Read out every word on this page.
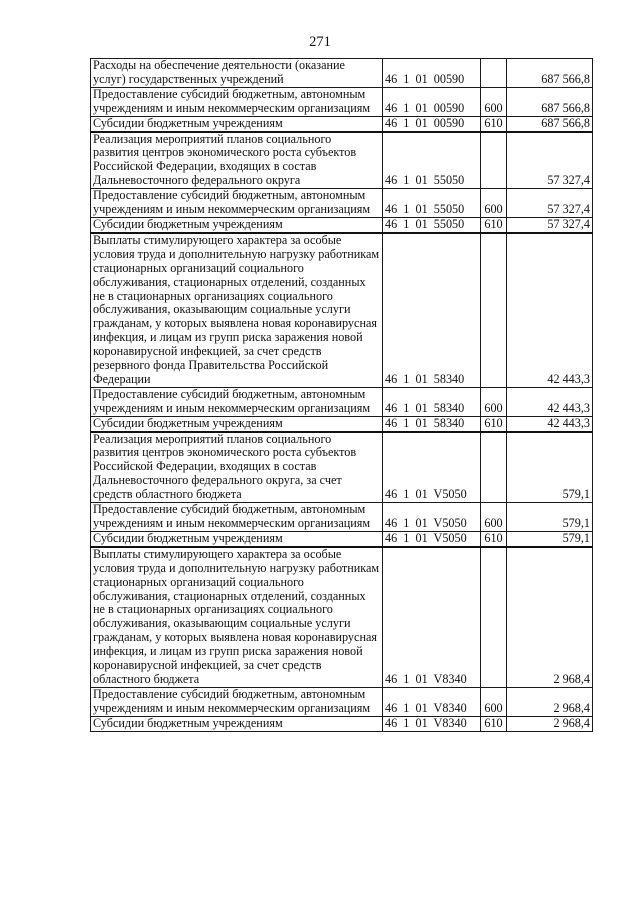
271
Расходы на обеспечение деятельности (оказание услуг) государственных учреждений	46  1  01  00590		687 566,8
Предоставление субсидий бюджетным, автономным учреждениям и иным некоммерческим организациям	46  1  01  00590	600	687 566,8
Субсидии бюджетным учреждениям	46  1  01  00590	610	687 566,8
Реализация мероприятий планов социального развития центров экономического роста субъектов Российской Федерации, входящих в состав Дальневосточного федерального округа	46  1  01  55050		57 327,4
Предоставление субсидий бюджетным, автономным учреждениям и иным некоммерческим организациям	46  1  01  55050	600	57 327,4
Субсидии бюджетным учреждениям	46  1  01  55050	610	57 327,4
Выплаты стимулирующего характера за особые условия труда и дополнительную нагрузку работникам стационарных организаций социального обслуживания, стационарных отделений, созданных не в стационарных организациях социального обслуживания, оказывающим социальные услуги гражданам, у которых выявлена новая коронавирусная инфекция, и лицам из групп риска заражения новой коронавирусной инфекцией, за счет средств резервного фонда Правительства Российской Федерации	46  1  01  58340		42 443,3
Предоставление субсидий бюджетным, автономным учреждениям и иным некоммерческим организациям	46  1  01  58340	600	42 443,3
Субсидии бюджетным учреждениям	46  1  01  58340	610	42 443,3
Реализация мероприятий планов социального развития центров экономического роста субъектов Российской Федерации, входящих в состав Дальневосточного федерального округа, за счет средств областного бюджета	46  1  01  V5050		579,1
Предоставление субсидий бюджетным, автономным учреждениям и иным некоммерческим организациям	46  1  01  V5050	600	579,1
Субсидии бюджетным учреждениям	46  1  01  V5050	610	579,1
Выплаты стимулирующего характера за особые условия труда и дополнительную нагрузку работникам стационарных организаций социального обслуживания, стационарных отделений, созданных не в стационарных организациях социального обслуживания, оказывающим социальные услуги гражданам, у которых выявлена новая коронавирусная инфекция, и лицам из групп риска заражения новой коронавирусной инфекцией, за счет средств областного бюджета	46  1  01  V8340		2 968,4
Предоставление субсидий бюджетным, автономным учреждениям и иным некоммерческим организациям	46  1  01  V8340	600	2 968,4
Субсидии бюджетным учреждениям	46  1  01  V8340	610	2 968,4
